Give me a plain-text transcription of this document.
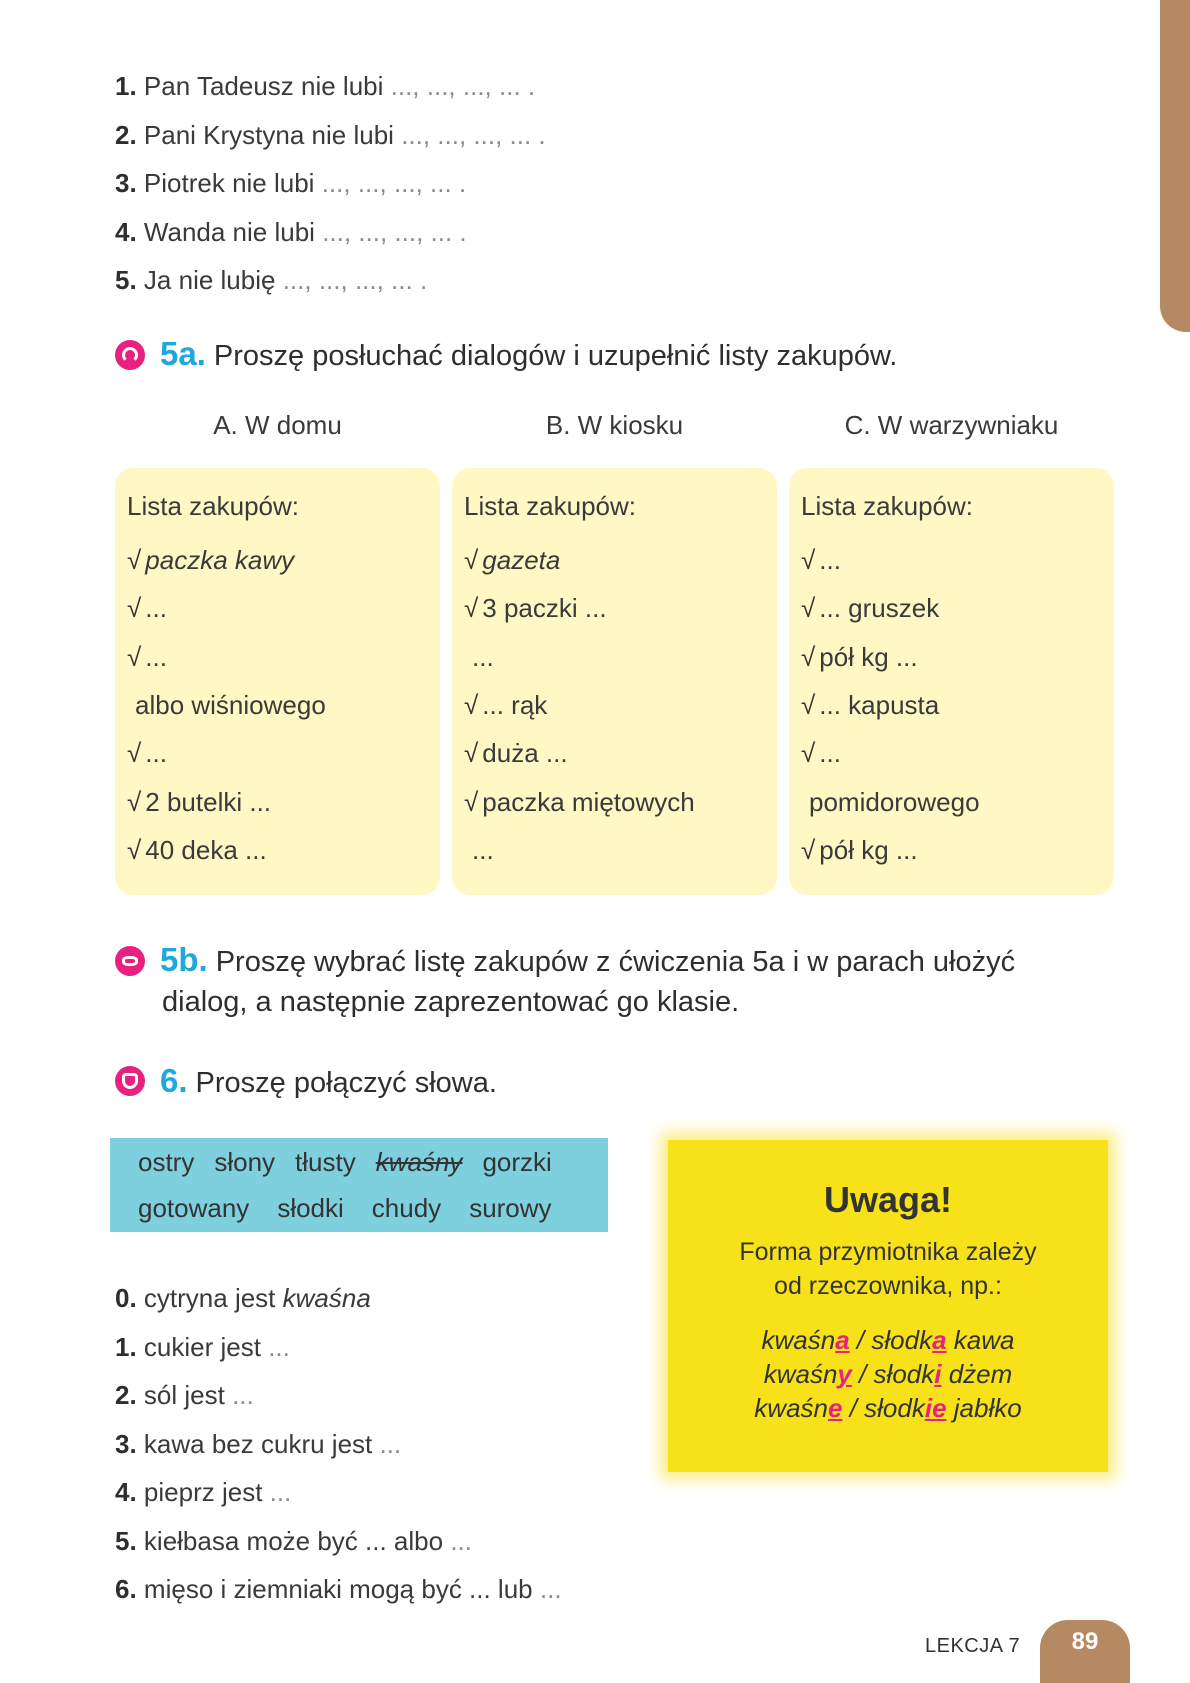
1. Pan Tadeusz nie lubi ..., ..., ..., ... .
2. Pani Krystyna nie lubi ..., ..., ..., ... .
3. Piotrek nie lubi ..., ..., ..., ... .
4. Wanda nie lubi ..., ..., ..., ... .
5. Ja nie lubię ..., ..., ..., ... .
5a. Proszę posłuchać dialogów i uzupełnić listy zakupów.
A. W domu
Lista zakupów:
√ paczka kawy
√ ...
√ ...
albo wiśniowego
√ ...
√ 2 butelki ...
√ 40 deka ...
B. W kiosku
Lista zakupów:
√ gazeta
√ 3 paczki ...
...
√ ... rąk
√ duża ...
√ paczka miętowych
...
C. W warzywniaku
Lista zakupów:
√ ...
√ ... gruszek
√ pół kg ...
√ ... kapusta
√ ...
pomidorowego
√ pół kg ...
5b. Proszę wybrać listę zakupów z ćwiczenia 5a i w parach ułożyć
dialog, a następnie zaprezentować go klasie.
6. Proszę połączyć słowa.
ostry słony tłusty kwaśny gorzki
gotowany słodki chudy surowy
0. cytryna jest kwaśna
1. cukier jest ...
2. sól jest ...
3. kawa bez cukru jest ...
4. pieprz jest ...
5. kiełbasa może być ... albo ...
6. mięso i ziemniaki mogą być ... lub ...
Uwaga!
Forma przymiotnika zależy
od rzeczownika, np.:
kwaśna / słodka kawa
kwaśny / słodki dżem
kwaśne / słodkie jabłko
LEKCJA 7	89
